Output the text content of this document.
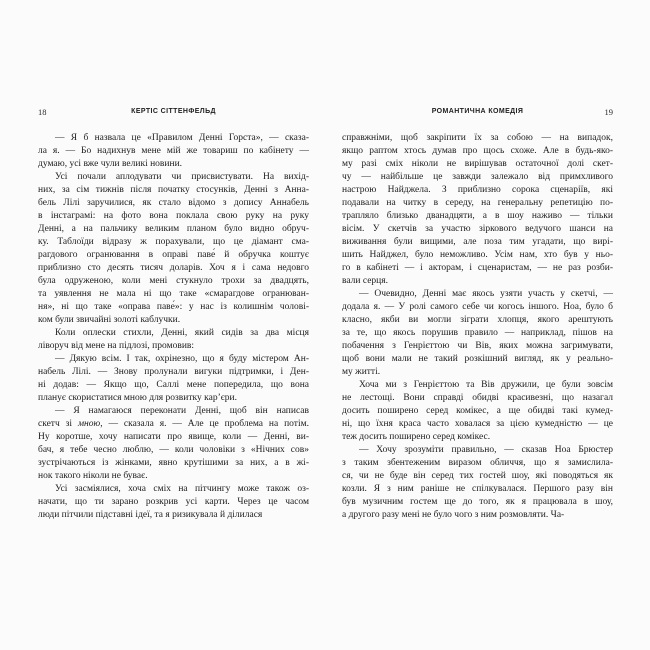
18	КЕРТІС СІТТЕНФЕЛЬД
— Я б назвала це «Правилом Денні Горста», — сказа-
ла я. — Бо надихнув мене мій же товариш по кабінету —
думаю, усі вже чули великі новини.
Усі почали аплодувати чи присвистувати. На вихід-
них, за сім тижнів після початку стосунків, Денні з Анна-
бель Лілі заручилися, як стало відомо з допису Аннабель
в інстаграмі: на фото вона поклала свою руку на руку
Денні, а на пальчику великим планом було видно обруч-
ку. Таблоїди відразу ж порахували, що це діамант сма-
рагдового огранювання в оправі паве́ й обручка коштує
приблизно сто десять тисяч доларів. Хоч я і сама недовго
була одруженою, коли мені стукнуло трохи за двадцять,
та уявлення не мала ні що таке «смарагдове огранюван-
ня», ні що таке «оправа паве́»: у нас із колишнім чолові-
ком були звичайні золоті каблучки.
Коли оплески стихли, Денні, який сидів за два місця
ліворуч від мене на підлозі, промовив:
— Дякую всім. І так, охрінезно, що я буду містером Ан-
набель Лілі. — Знову пролунали вигуки підтримки, і Ден-
ні додав: — Якщо що, Саллі мене попередила, що вона
планує скористатися мною для розвитку кар’єри.
— Я намагаюся переконати Денні, щоб він написав
скетч зі мною, — сказала я. — Але це проблема на потім.
Ну коротше, хочу написати про явище, коли — Денні, ви-
бач, я тебе чесно люблю, — коли чоловіки з «Нічних сов»
зустрічаються із жінками, явно крутішими за них, а в жі-
нок такого ніколи не буває.
Усі засміялися, хоча сміх на пітчингу може також оз-
начати, що ти зарано розкрив усі карти. Через це часом
люди пітчили підставні ідеї, та я ризикувала й ділилася
РОМАНТИЧНА КОМЕДІЯ	19
справжніми, щоб закріпити їх за собою — на випадок,
якщо раптом хтось думав про щось схоже. Але в будь-яко-
му разі сміх ніколи не вирішував остаточної долі скет-
чу — найбільше це завжди залежало від примхливого
настрою Найджела. З приблизно сорока сценаріїв, які
подавали на читку в середу, на генеральну репетицію по-
трапляло близько дванадцяти, а в шоу наживо — тільки
вісім. У скетчів за участю зіркового ведучого шанси на
виживання були вищими, але поза тим угадати, що вирі-
шить Найджел, було неможливо. Усім нам, хто був у ньо-
го в кабінеті — і акторам, і сценаристам, — не раз розби-
вали серця.
— Очевидно, Денні має якось узяти участь у скетчі, —
додала я. — У ролі самого себе чи когось іншого. Ноа, було б
класно, якби ви могли зіграти хлопця, якого арештують
за те, що якось порушив правило — наприклад, пішов на
побачення з Генрієттою чи Вів, яких можна загримувати,
щоб вони мали не такий розкішний вигляд, як у реально-
му житті.
Хоча ми з Генрієттою та Вів дружили, це були зовсім
не лестощі. Вони справді обидві красивезні, що назагал
досить поширено серед комікес, а ще обидві такі кумед-
ні, що їхня краса часто ховалася за цією кумедністю — це
теж досить поширено серед комікес.
— Хочу зрозуміти правильно, — сказав Ноа Брюстер
з таким збентеженим виразом обличчя, що я замислила-
ся, чи не буде він серед тих гостей шоу, які поводяться як
козли. Я з ним раніше не спілкувалася. Першого разу він
був музичним гостем ще до того, як я працювала в шоу,
а другого разу мені не було чого з ним розмовляти. Ча-
